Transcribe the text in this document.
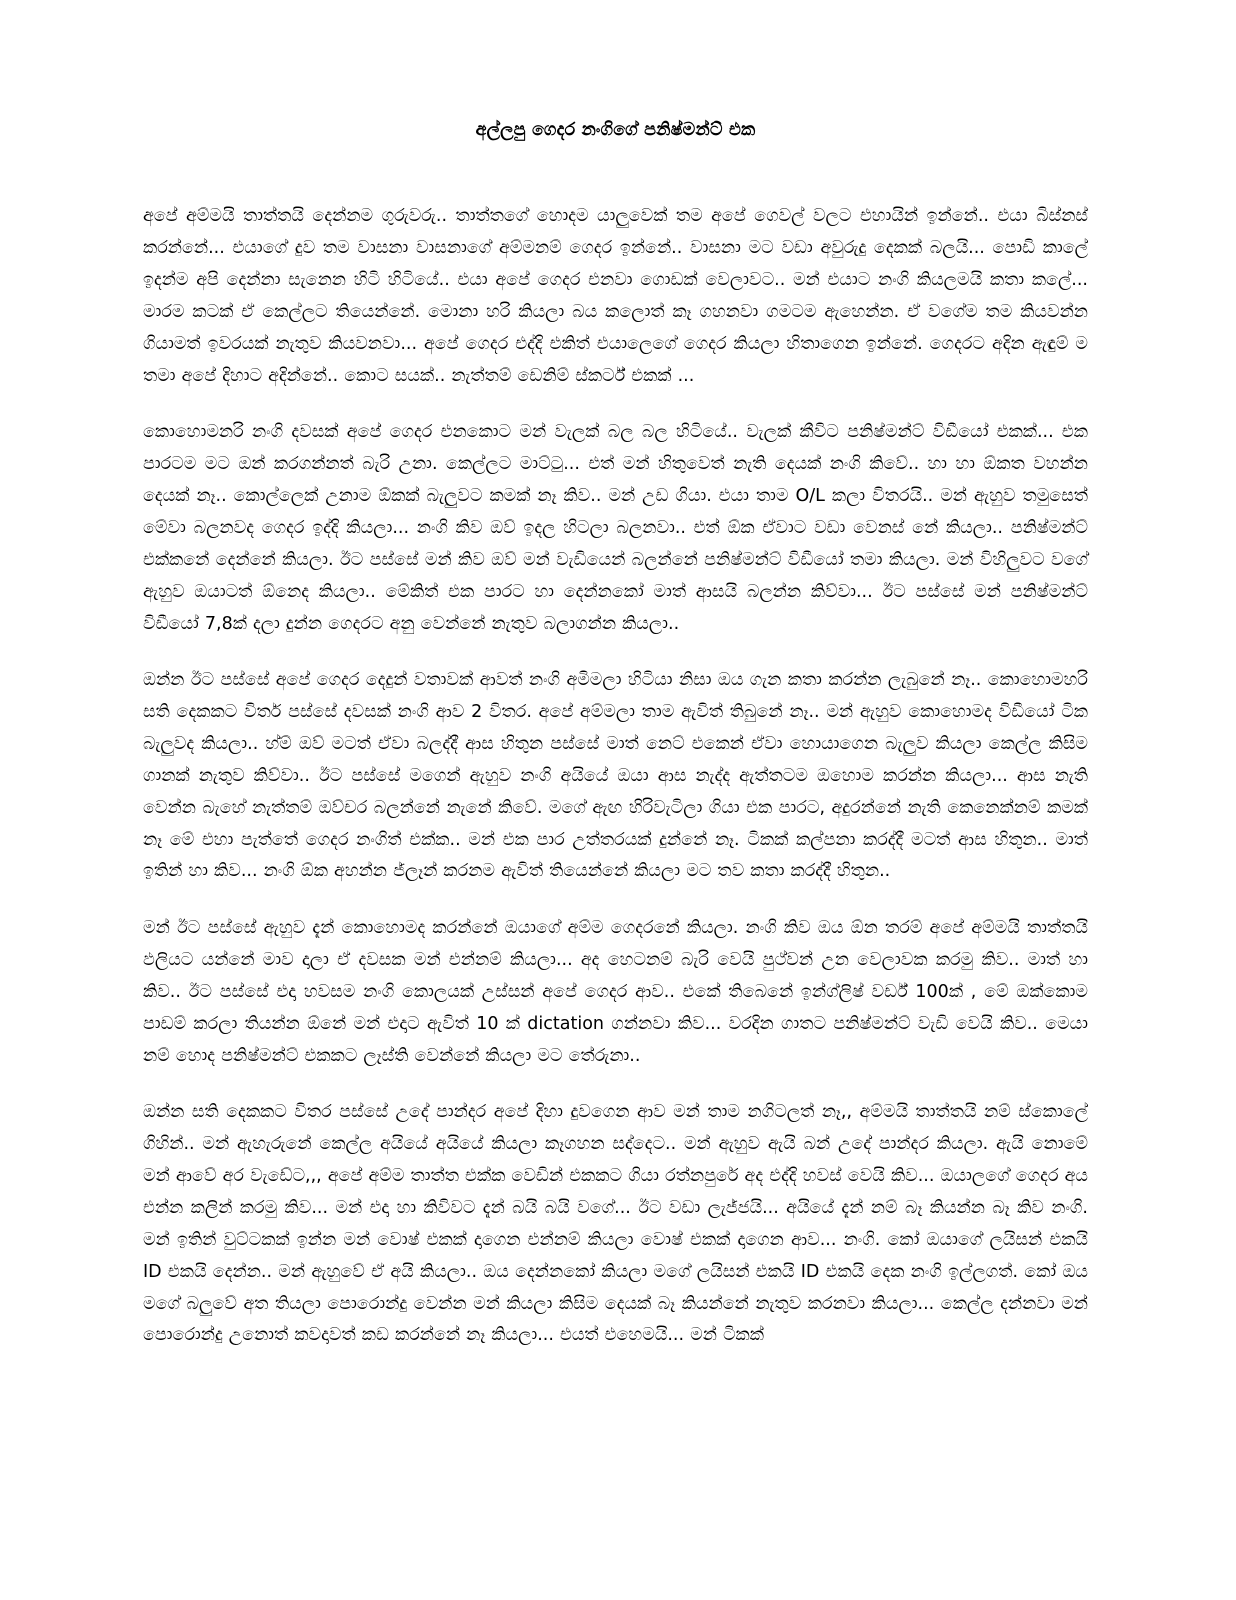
අල්ලපු ගෙදර නංගිගේ පනිෂ්මන්ට් එක

අපේ අම්මයි තාත්තයි දෙන්නම ගුරුවරු.. තාත්තගේ හොදම යාලුවෙක් තම අපේ ගෙවල් වලට එහායින් ඉන්නේ.. එයා බිස්නස් කරන්නේ... එයාගේ දුව තම වාසනා වාසනාගේ අම්මනම් ගෙදර ඉන්නේ.. වාසනා මට වඩා අවුරුදු දෙකක් බලයි... පොඩි කාලේ ඉදන්ම අපි දෙන්නා සැනෙන හිටි හිටියේ.. එයා අපේ ගෙදර එනවා ගොඩක් වෙලාවට.. මන් එයාට නංගි කියලමයි කතා කලේ... මාරම කටක් ඒ කෙල්ලට තියෙන්නේ. මොනා හරි කියලා බය කලොත් කෑ ගහනවා ගමටම ඇහෙන්න. ඒ වගේම තම කියවන්න ගියාමත් ඉවරයක් නැතුව කියවනවා... අපේ ගෙදර එද්දි එකිත් එයාලෙගේ ගෙදර කියලා හිතාගෙන ඉන්නේ. ගෙදරට අදින ඇඳුම් ම තමා අපේ දිහාට අදින්නේ.. කොට සයක්.. නැත්තම් ඩෙනිම් ස්කර්ට් එකක් ...

කොහොමනරි නංගි දවසක් අපේ ගෙදර එනකොට මන් වැලක් බල බල හිටියේ.. වැලක් කීවිට පනිෂ්මන්ට් විඩීයෝ එකක්... එක පාරටම මට ඔන් කරගන්නත් බැරි උනා. කෙල්ලට මාට්ටු... එත් මන් හිතුවෙත් නැති දෙයක් නංගි කිවේ.. හා හා ඕකත වහන්න දෙයක් නෑ.. කොල්ලෙක් උනාම ඕකක් බැලුවට කමක් නෑ කිව.. මන් උඩ ගියා. එයා තාම O/L කලා විතරයි.. මන් ඇහුව තමුසෙත් මේවා බලනවද ගෙදර ඉද්දි කියලා... නංගි කිව ඔව් ඉදල හිටලා බලනවා.. එත් ඕක ඒවාට වඩා වෙනස් නේ කියලා.. පනිෂ්මන්ට් එක්කනේ දෙන්නේ කියලා. ඊට පස්සේ මන් කිව ඔව් මන් වැඩියෙන් බලන්නේ පනිෂ්මන්ට් විඩීයෝ තමා කියලා. මන් විහිලුවට වගේ ඇහුව ඔයාටත් ඕනෙද කියලා.. මේකිත් එක පාරට හා දෙන්නකෝ මාත් ආසයි බලන්න කිව්වා... ඊට පස්සේ මන් පනිෂ්මන්ට් විඩීයෝ 7,8ක් දලා දුන්න ගෙදරට අනු වෙන්නේ නැතුව බලාගන්න කියලා..

ඔන්න ඊට පස්සේ අපේ ගෙදර දෙදුන් වතාවක් ආවත් නංගි අමිමලා හිටියා නිසා ඔය ගැන කතා කරන්න ලැබුනේ නෑ.. කොහොමහරි සති දෙකකට විතර් පස්සේ දවසක් නංගි ආව 2 විතර. අපේ අම්මලා තාම ඇවිත් තිබුනේ නෑ.. මන් ඇහුව කොහොමද විඩීයෝ ටික බැලුවද කියලා.. හ්ම් ඔව් මටත් ඒවා බලද්දී ආස හිතුන පස්සේ මාත් නෙට් එකෙන් ඒවා හොයාගෙන බැලුව කියලා කෙල්ල කිසිම ගානක් නැතුව කිව්වා.. ඊට පස්සේ මගෙන් ඇහුව නංගි අයියේ ඔයා ආස නැද්ද ඇත්තටම ඔහොම කරන්න කියලා... ආස නැති වෙන්න බැහේ නැත්තම් ඔව්චර බලන්නේ නැනේ කිවේ. මගේ ඇඟ හිරිවැටිලා ගියා එක පාරට, අදුරන්නේ නැති කෙනෙක්නම් කමක් නෑ මේ එහා පැත්තේ ගෙදර නංගිත් එක්ක.. මන් එක පාර උත්තරයක් දුන්නේ නෑ. ටිකක් කල්පනා කරද්දී මටත් ආස හිතුන.. මාත් ඉතින් හා කිව... නංගි ඕක අහන්න ජ්ලෑන් කරනම ඇවිත් තියෙන්නේ කියලා මට තව කතා කරද්දී හිතුන..

මන් ඊට පස්සේ ඇහුව දැන් කොහොමද කරන්නේ ඔයාගේ අම්ම ගෙදරනේ කියලා. නංගි කිව ඔය ඕන තරම් අපේ අම්මයි තාත්තයි ඵලියට යන්නේ මාව දාලා ඒ දවසක මන් එන්නම් කියලා... අද හෙටනම් බැරි වෙයි පුථ්වන් උන වෙලාවක කරමු කිව.. මාත් හා කිව.. ඊට පස්සේ එදා හවසම නංගි කොලයක් උස්සන් අපේ ගෙදර ආව.. එකේ තිබෙනේ ඉන්ග්ලිෂ් වර්ඩ් 100ක් , මේ ඔක්කොම පාඩම් කරලා තියන්න ඕනේ මන් එදාට ඇවිත් 10 ක් dictation ගන්නවා කිව... වරදින ගාතට පනිෂ්මන්ට් වැඩි වෙයි කිව.. මෙයා නම් හොද පනිෂ්මන්ට් එකකට ලෑස්ති වෙන්නේ කියලා මට තේරුනා..

ඔන්න සති දෙකකට විතර පස්සේ උදේ පාන්දර අපේ දිහා දුවගෙන ආව මන් තාම නගිටලත් නෑ,, අම්මයි තාත්තයි නම් ස්කොලේ ගිහින්.. මන් ඇහැරුනේ කෙල්ල අයියේ අයියේ කියලා කෑගහන සද්දෙට.. මන් ඇහුව ඇයි බන් උදේ පාන්දර කියලා. ඇයි නොමේ මන් ආවේ අර වැඩේට,,, අපේ අම්ම තාත්ත එක්ක වෙඩින් එකකට ගියා රත්නපුරේ අද එද්දි හවස් වෙයි කිව... ඔයාලගේ ගෙදර අය එන්න කලින් කරමු කිව... මන් එදා හා කිවිවට දැන් බයි බයි වගේ... ඊට වඩා ලැජ්ජයි... අයියේ දැන් නම් බෑ කියන්න බෑ කිව නංගි. මන් ඉතින් වුට්ටකක් ඉන්න මන් වොෂ් එකක් දාගෙන එන්නම් කියලා වොෂ් එකක් දාගෙන ආව... නංගි. කෝ ඔයාගේ ලයිසන් එකයි ID එකයි දෙන්න.. මන් ඇහුවේ ඒ අයි කියලා.. ඔය දෙන්නකෝ කියලා මගේ ලයිසන් එකයි ID එකයි දෙක නංගි ඉල්ලගත්. කෝ ඔය මගේ බලුවේ අත තියලා පොරොන්දු වෙන්න මන් කියලා කිසිම දෙයක් බෑ කියන්නේ නැතුව කරනවා කියලා... කෙල්ල දන්නවා මන් පොරොන්දු උනොත් කවදාවත් කඩ කරන්නේ නෑ කියලා... එයත් එහෙමයි... මන් ටිකක්
